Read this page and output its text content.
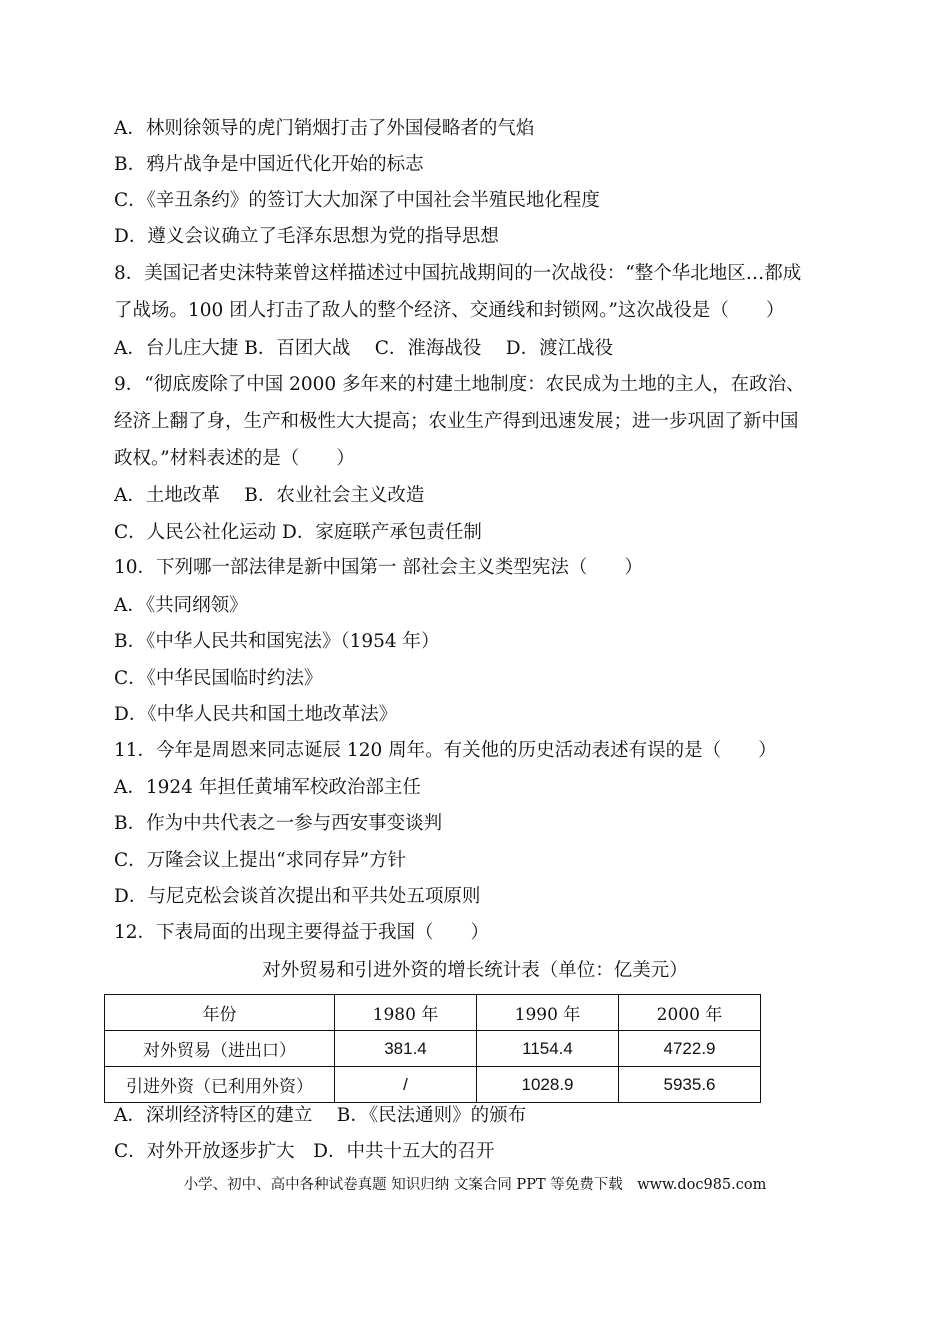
A．林则徐领导的虎门销烟打击了外国侵略者的气焰
B．鸦片战争是中国近代化开始的标志
C．《辛丑条约》的签订大大加深了中国社会半殖民地化程度
D．遵义会议确立了毛泽东思想为党的指导思想
8．美国记者史沫特莱曾这样描述过中国抗战期间的一次战役：“整个华北地区…都成
了战场。100 团人打击了敌人的整个经济、交通线和封锁网。”这次战役是（　　）
A．台儿庄大捷 B．百团大战　 C．淮海战役　 D．渡江战役
9．“彻底废除了中国 2000 多年来的村建土地制度：农民成为土地的主人，在政治、
经济上翻了身，生产和极性大大提高；农业生产得到迅速发展；进一步巩固了新中国
政权。”材料表述的是（　　）
A．土地改革　 B．农业社会主义改造
C．人民公社化运动 D．家庭联产承包责任制
10．下列哪一部法律是新中国第一 部社会主义类型宪法（　　）
A．《共同纲领》
B．《中华人民共和国宪法》（1954 年）
C．《中华民国临时约法》
D．《中华人民共和国土地改革法》
11．今年是周恩来同志诞辰 120 周年。有关他的历史活动表述有误的是（　　）
A．1924 年担任黄埔军校政治部主任
B．作为中共代表之一参与西安事变谈判
C．万隆会议上提出“求同存异”方针
D．与尼克松会谈首次提出和平共处五项原则
12．下表局面的出现主要得益于我国（　　）
对外贸易和引进外资的增长统计表（单位：亿美元）
年份	1980 年	1990 年	2000 年
对外贸易（进出口）	381.4	1154.4	4722.9
引进外资（已利用外资）	/	1028.9	5935.6
A．深圳经济特区的建立　 B．《民法通则》的颁布
C．对外开放逐步扩大　D．中共十五大的召开
小学、初中、高中各种试卷真题 知识归纳 文案合同 PPT 等免费下载　www.doc985.com
